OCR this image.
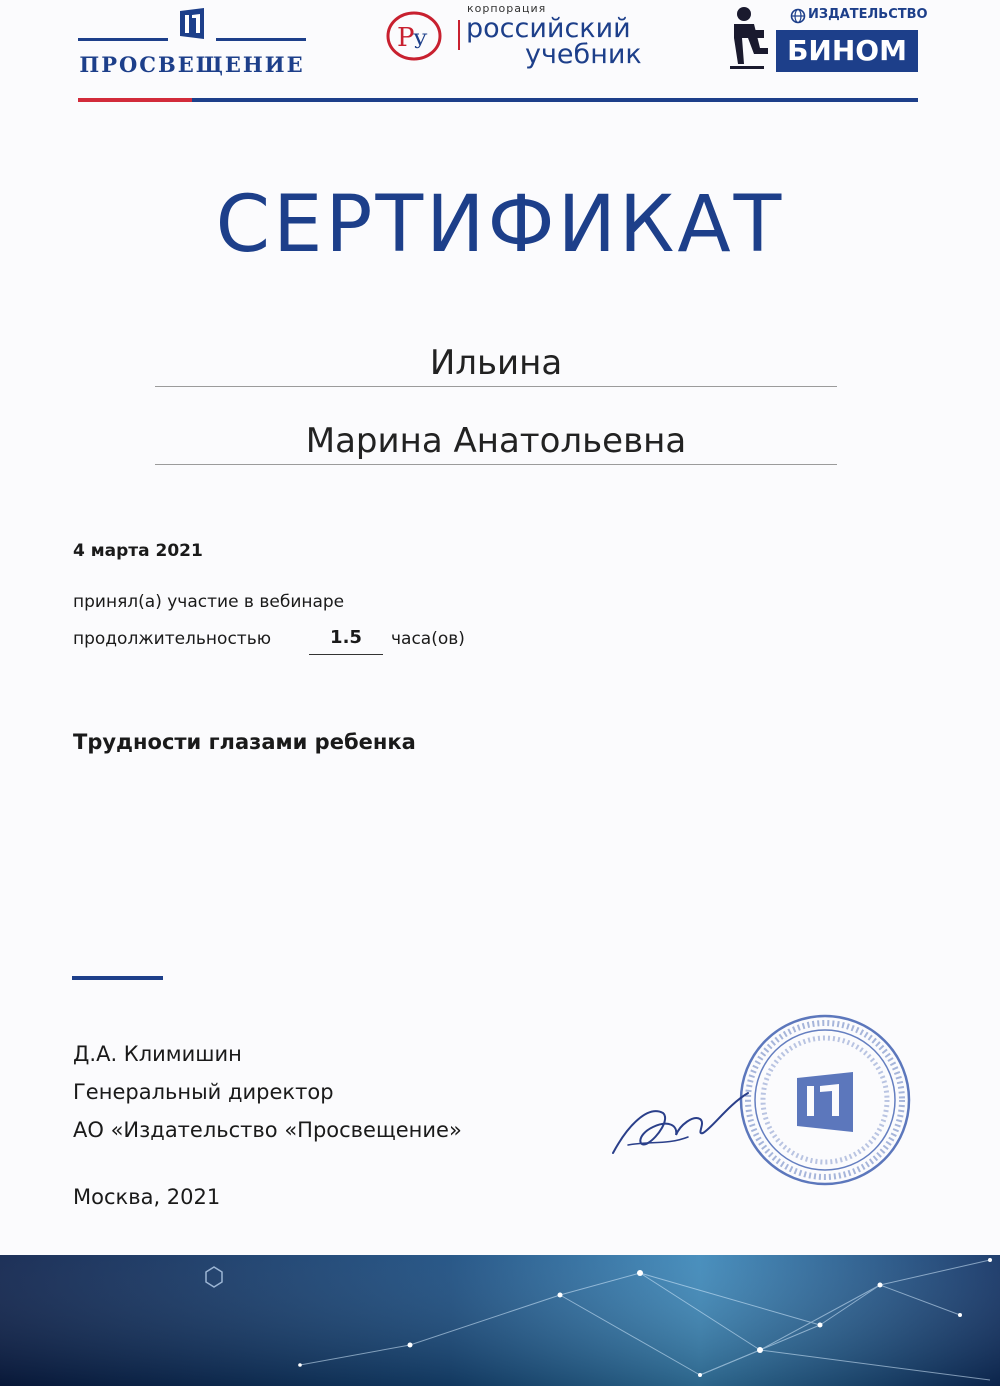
ПРОСВЕЩЕНИЕ
Р
У
корпорация
российский
учебник
ИЗДАТЕЛЬСТВО
БИНОМ
СЕРТИФИКАТ
Ильина
Марина Анатольевна
4 марта 2021
принял(а) участие в вебинаре
продолжительностью	1.5	часа(ов)
Трудности глазами ребенка
Д.А. Климишин
Генеральный директор
АО «Издательство «Просвещение»
Москва, 2021
